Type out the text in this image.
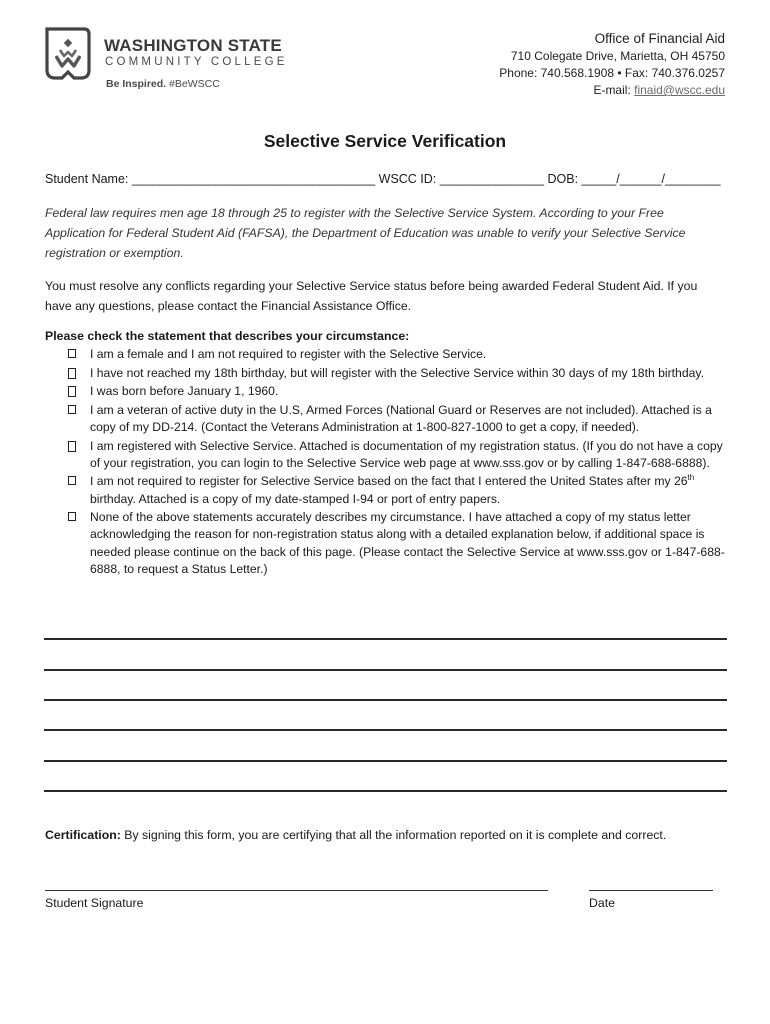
WASHINGTON STATE
COMMUNITY COLLEGE
Be Inspired. #BeWSCC
Office of Financial Aid
710 Colegate Drive, Marietta, OH 45750
Phone: 740.568.1908 • Fax: 740.376.0257
E-mail: finaid@wscc.edu
Selective Service Verification
Student Name: ___________________________________ WSCC ID: _______________ DOB: _____/______/________

Federal law requires men age 18 through 25 to register with the Selective Service System. According to your Free Application for Federal Student Aid (FAFSA), the Department of Education was unable to verify your Selective Service registration or exemption.

You must resolve any conflicts regarding your Selective Service status before being awarded Federal Student Aid. If you have any questions, please contact the Financial Assistance Office.

Please check the statement that describes your circumstance:
I am a female and I am not required to register with the Selective Service.
I have not reached my 18th birthday, but will register with the Selective Service within 30 days of my 18th birthday.
I was born before January 1, 1960.
I am a veteran of active duty in the U.S, Armed Forces (National Guard or Reserves are not included). Attached is a copy of my DD-214. (Contact the Veterans Administration at 1-800-827-1000 to get a copy, if needed).
I am registered with Selective Service. Attached is documentation of my registration status. (If you do not have a copy of your registration, you can login to the Selective Service web page at www.sss.gov or by calling 1-847-688-6888).
I am not required to register for Selective Service based on the fact that I entered the United States after my 26th birthday. Attached is a copy of my date-stamped I-94 or port of entry papers.
None of the above statements accurately describes my circumstance. I have attached a copy of my status letter acknowledging the reason for non-registration status along with a detailed explanation below, if additional space is needed please continue on the back of this page. (Please contact the Selective Service at www.sss.gov or 1-847-688-6888, to request a Status Letter.)
Certification: By signing this form, you are certifying that all the information reported on it is complete and correct.
Student Signature	Date
